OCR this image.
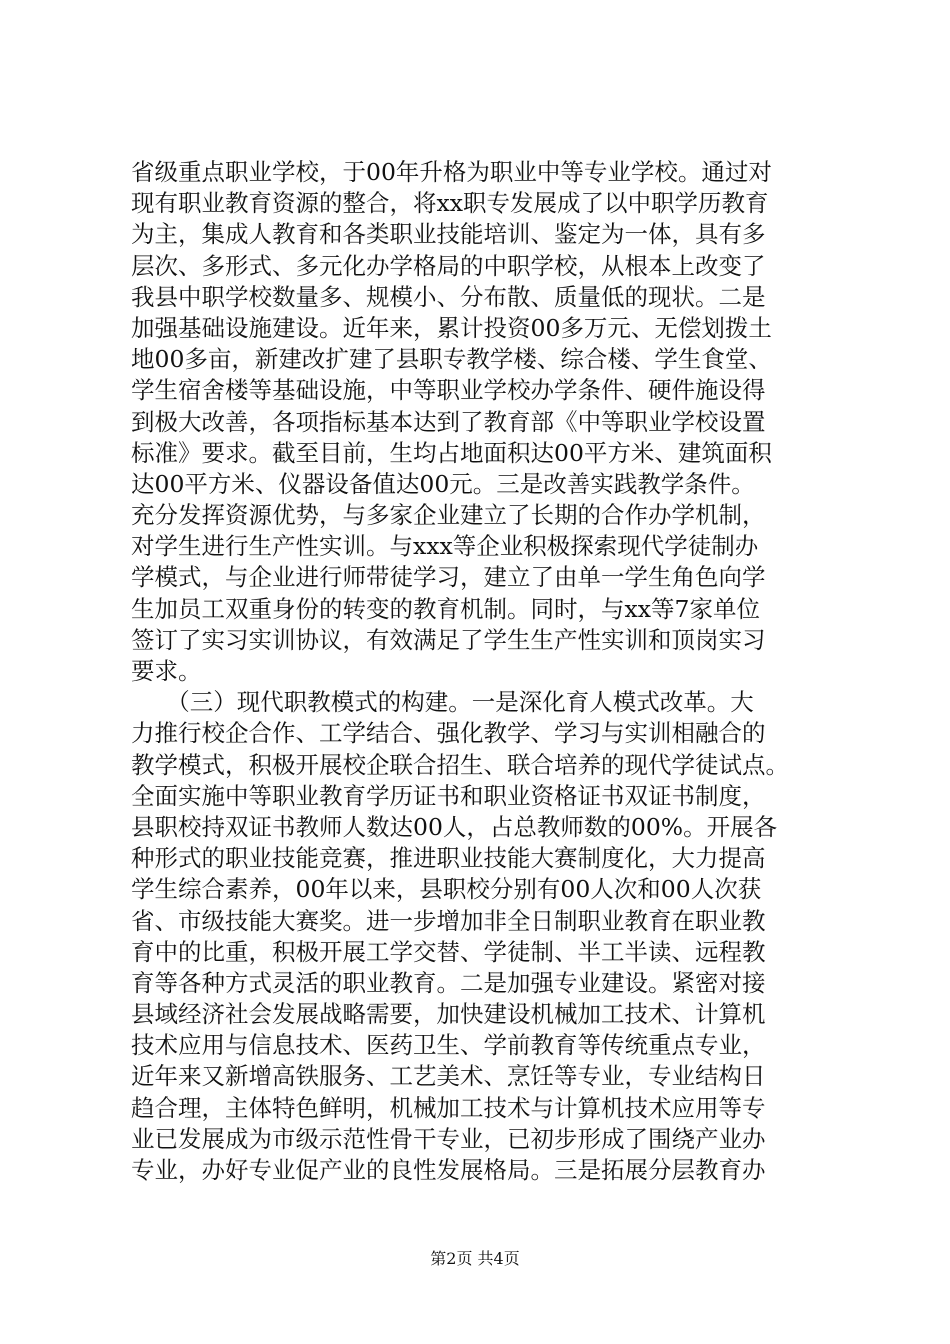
省级重点职业学校，于00年升格为职业中等专业学校。通过对
现有职业教育资源的整合，将xx职专发展成了以中职学历教育
为主，集成人教育和各类职业技能培训、鉴定为一体，具有多
层次、多形式、多元化办学格局的中职学校，从根本上改变了
我县中职学校数量多、规模小、分布散、质量低的现状。二是
加强基础设施建设。近年来，累计投资00多万元、无偿划拨土
地00多亩，新建改扩建了县职专教学楼、综合楼、学生食堂、
学生宿舍楼等基础设施，中等职业学校办学条件、硬件施设得
到极大改善，各项指标基本达到了教育部《中等职业学校设置
标准》要求。截至目前，生均占地面积达00平方米、建筑面积
达00平方米、仪器设备值达00元。三是改善实践教学条件。
充分发挥资源优势，与多家企业建立了长期的合作办学机制，
对学生进行生产性实训。与xxx等企业积极探索现代学徒制办
学模式，与企业进行师带徒学习，建立了由单一学生角色向学
生加员工双重身份的转变的教育机制。同时，与xx等7家单位
签订了实习实训协议，有效满足了学生生产性实训和顶岗实习
要求。
　　（三）现代职教模式的构建。一是深化育人模式改革。大
力推行校企合作、工学结合、强化教学、学习与实训相融合的
教学模式，积极开展校企联合招生、联合培养的现代学徒试点。
全面实施中等职业教育学历证书和职业资格证书双证书制度，
县职校持双证书教师人数达00人，占总教师数的00%。开展各
种形式的职业技能竞赛，推进职业技能大赛制度化，大力提高
学生综合素养，00年以来，县职校分别有00人次和00人次获
省、市级技能大赛奖。进一步增加非全日制职业教育在职业教
育中的比重，积极开展工学交替、学徒制、半工半读、远程教
育等各种方式灵活的职业教育。二是加强专业建设。紧密对接
县域经济社会发展战略需要，加快建设机械加工技术、计算机
技术应用与信息技术、医药卫生、学前教育等传统重点专业，
近年来又新增高铁服务、工艺美术、烹饪等专业，专业结构日
趋合理，主体特色鲜明，机械加工技术与计算机技术应用等专
业已发展成为市级示范性骨干专业，已初步形成了围绕产业办
专业，办好专业促产业的良性发展格局。三是拓展分层教育办
第2页 共4页
